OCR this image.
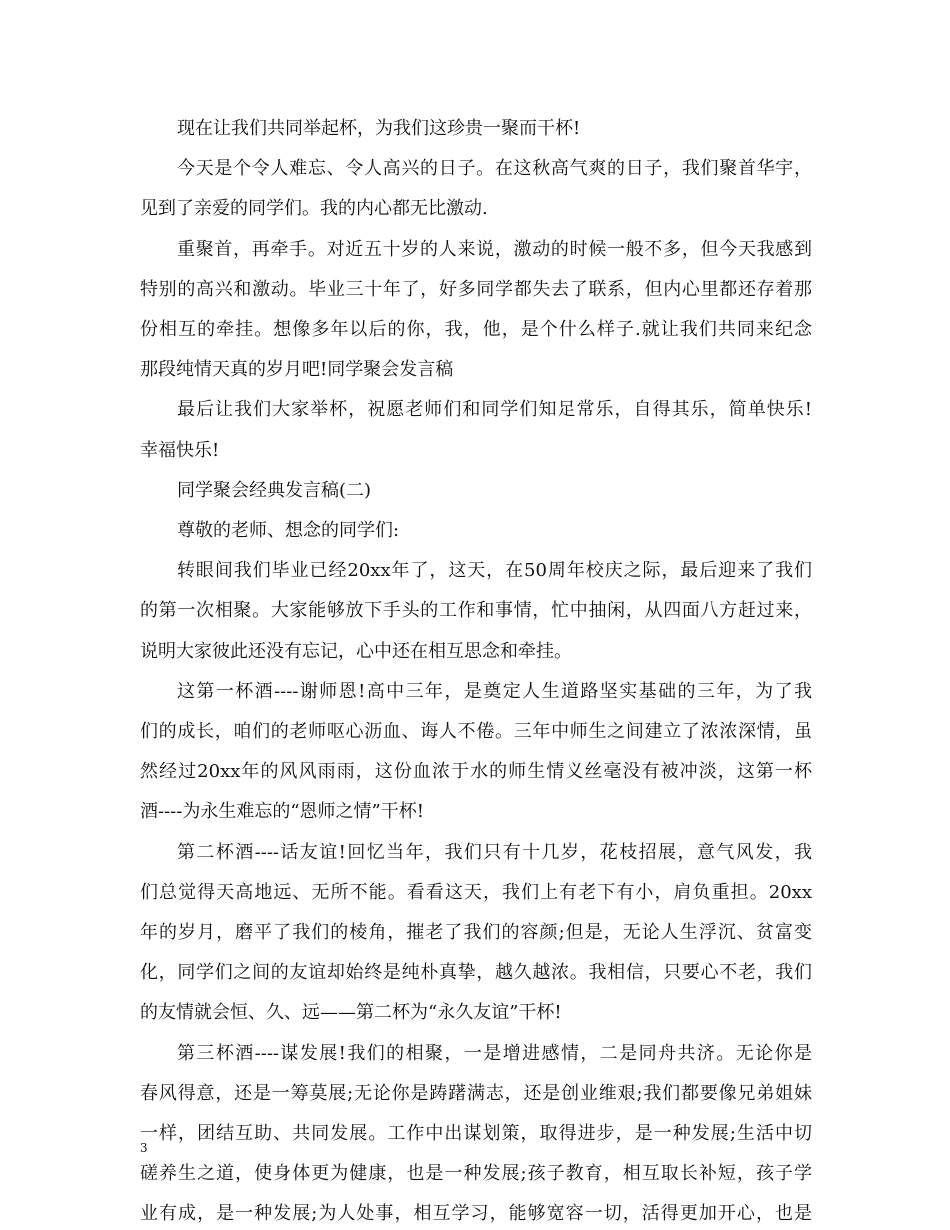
现在让我们共同举起杯，为我们这珍贵一聚而干杯!
今天是个令人难忘、令人高兴的日子。在这秋高气爽的日子，我们聚首华宇，
见到了亲爱的同学们。我的内心都无比激动.
重聚首，再牵手。对近五十岁的人来说，激动的时候一般不多，但今天我感到
特别的高兴和激动。毕业三十年了，好多同学都失去了联系，但内心里都还存着那
份相互的牵挂。想像多年以后的你，我，他，是个什么样子.就让我们共同来纪念
那段纯情天真的岁月吧!同学聚会发言稿
最后让我们大家举杯，祝愿老师们和同学们知足常乐，自得其乐，简单快乐!
幸福快乐!
同学聚会经典发言稿(二)
尊敬的老师、想念的同学们:
转眼间我们毕业已经20xx年了，这天，在50周年校庆之际，最后迎来了我们
的第一次相聚。大家能够放下手头的工作和事情，忙中抽闲，从四面八方赶过来，
说明大家彼此还没有忘记，心中还在相互思念和牵挂。
这第一杯酒----谢师恩!高中三年，是奠定人生道路坚实基础的三年，为了我
们的成长，咱们的老师呕心沥血、诲人不倦。三年中师生之间建立了浓浓深情，虽
然经过20xx年的风风雨雨，这份血浓于水的师生情义丝毫没有被冲淡，这第一杯
酒----为永生难忘的“恩师之情”干杯!
第二杯酒----话友谊!回忆当年，我们只有十几岁，花枝招展，意气风发，我
们总觉得天高地远、无所不能。看看这天，我们上有老下有小，肩负重担。20xx
年的岁月，磨平了我们的棱角，摧老了我们的容颜;但是，无论人生浮沉、贫富变
化，同学们之间的友谊却始终是纯朴真挚，越久越浓。我相信，只要心不老，我们
的友情就会恒、久、远——第二杯为“永久友谊”干杯!
第三杯酒----谋发展!我们的相聚，一是增进感情，二是同舟共济。无论你是
春风得意，还是一筹莫展;无论你是踌躇满志，还是创业维艰;我们都要像兄弟姐妹
一样，团结互助、共同发展。工作中出谋划策，取得进步，是一种发展;生活中切
磋养生之道，使身体更为健康，也是一种发展;孩子教育，相互取长补短，孩子学
业有成，是一种发展;为人处事，相互学习，能够宽容一切，活得更加开心，也是
3
